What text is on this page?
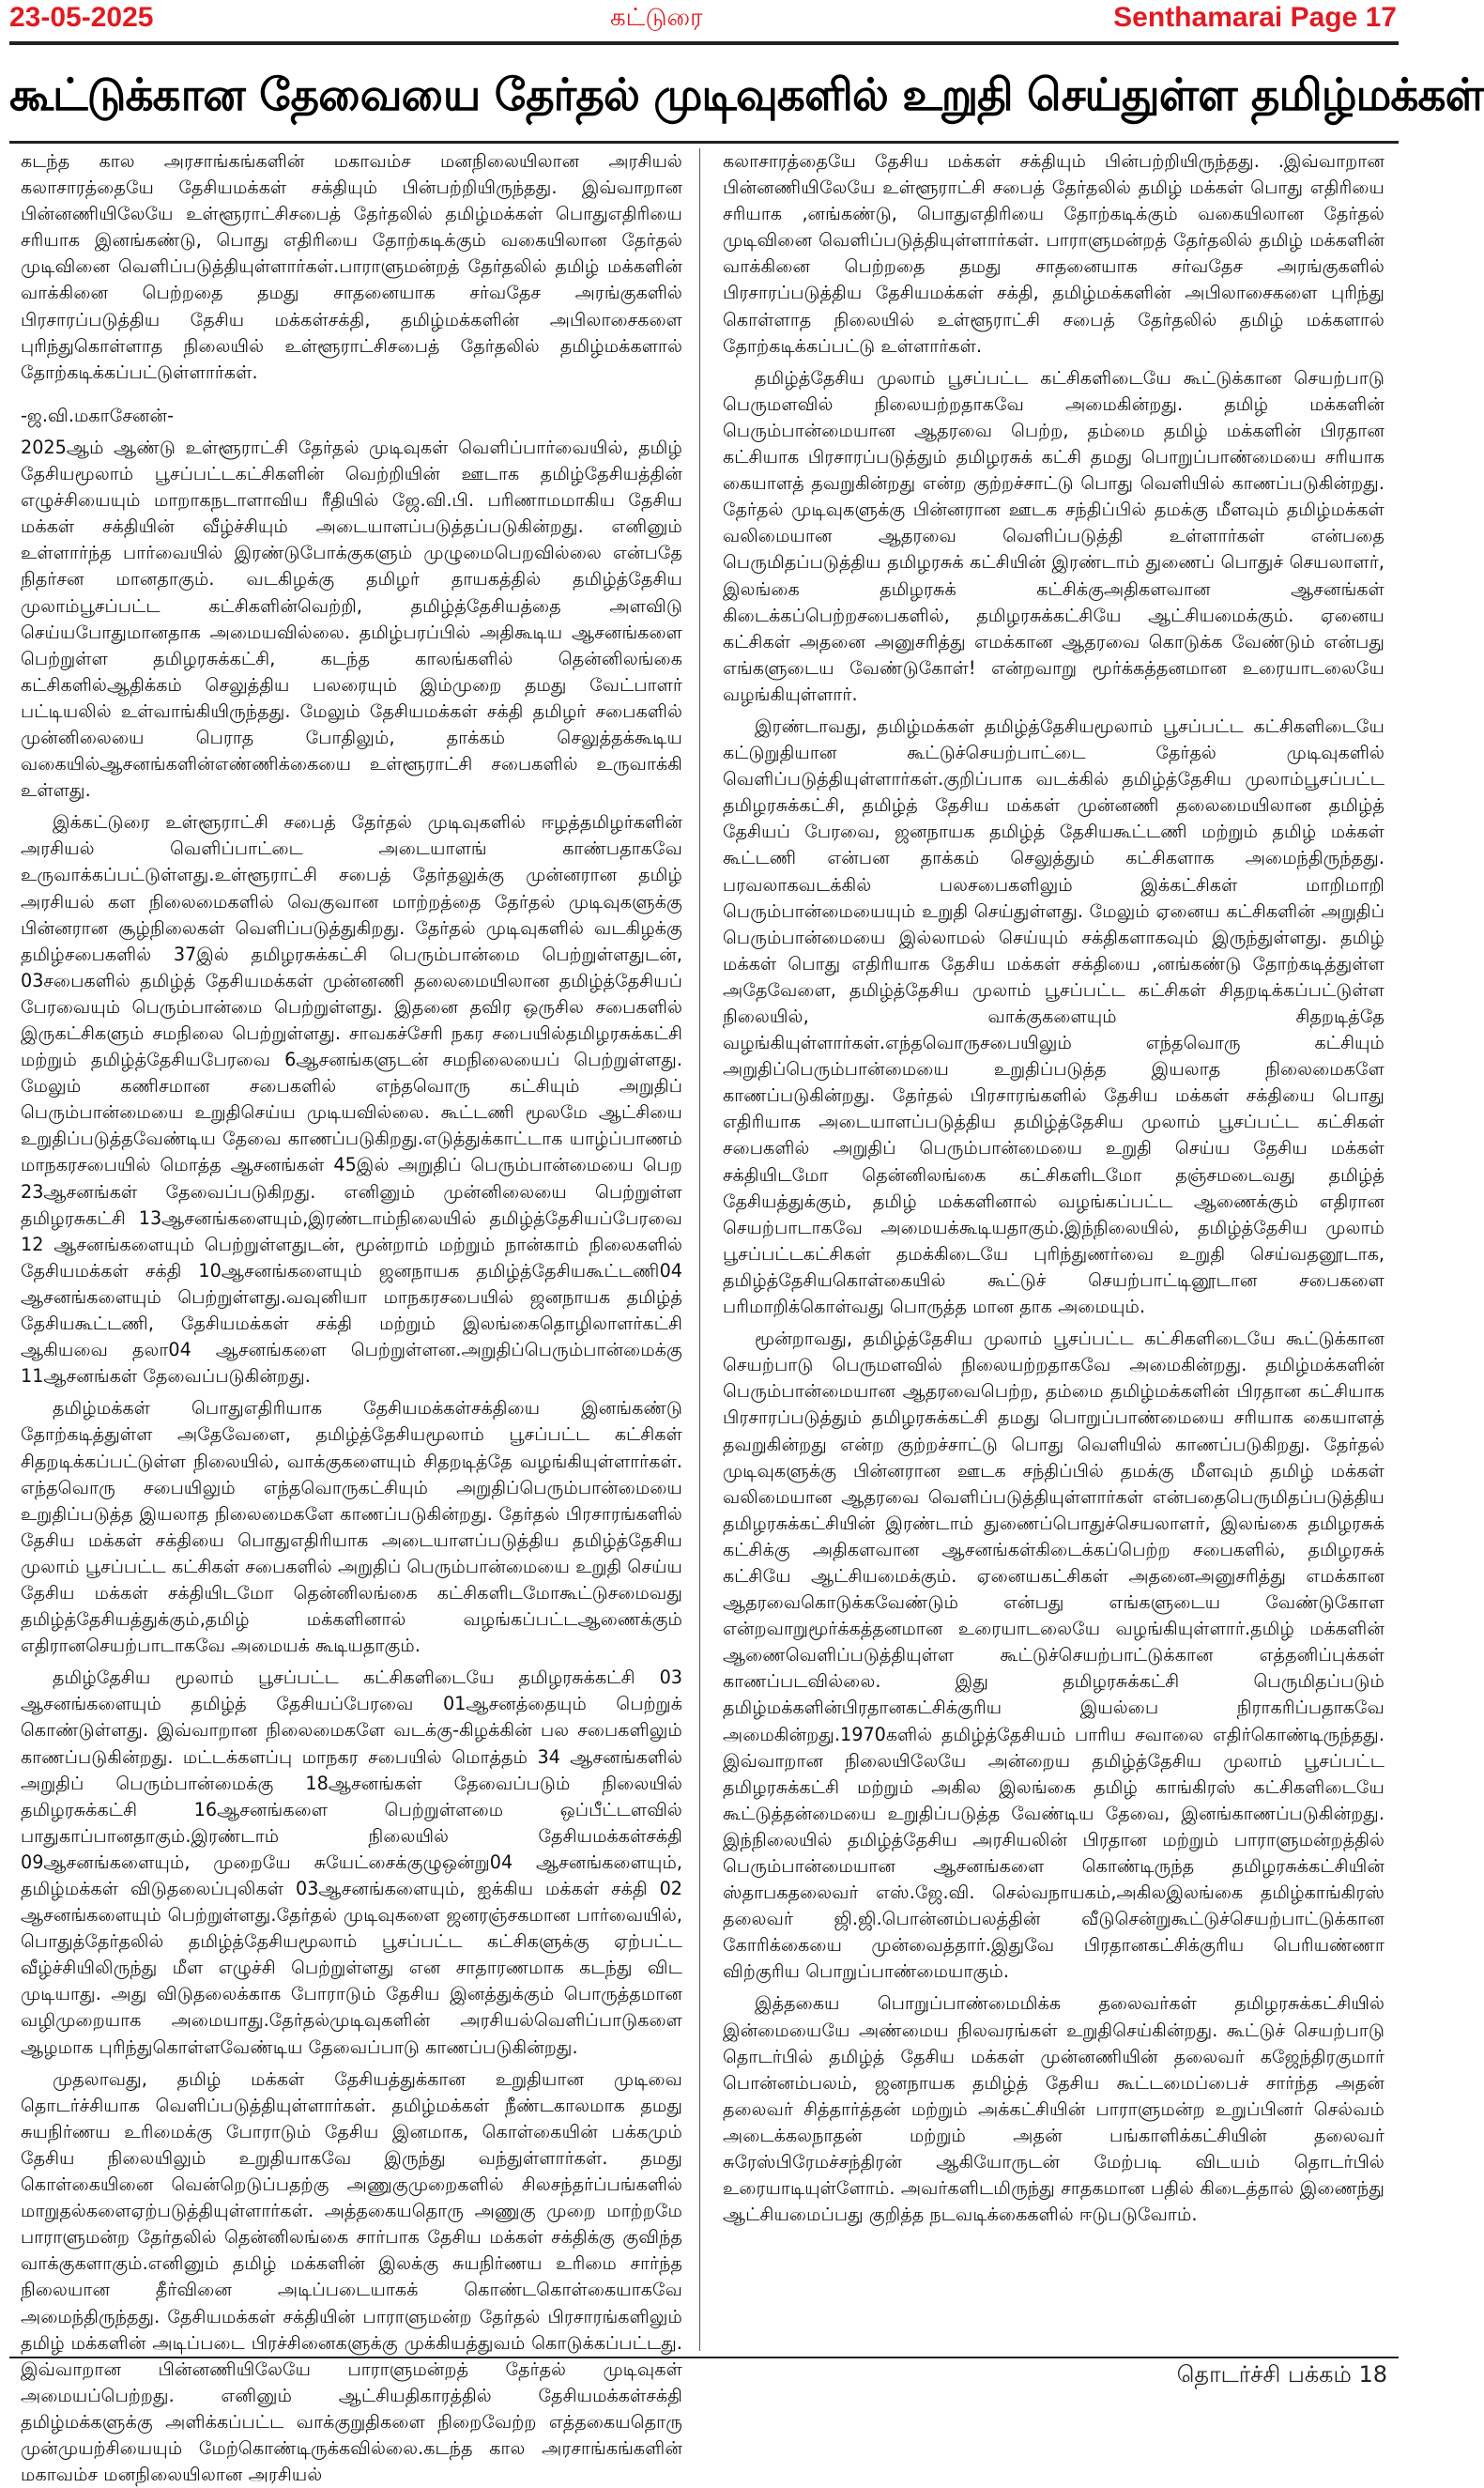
23-05-2025	கட்டுரை	Senthamarai Page 17
கூட்டுக்கான தேவையை தேர்தல் முடிவுகளில் உறுதி செய்துள்ள தமிழ்மக்கள்

கடந்த கால அரசாங்கங்களின் மகாவம்ச மனநிலையிலான அரசியல் கலாசாரத்தையே தேசியமக்கள் சக்தியும் பின்பற்றியிருந்தது. இவ்வாறான பின்னணியிலேயே உள்ளூராட்சிசபைத் தேர்தலில் தமிழ்மக்கள் பொதுஎதிரியை சரியாக இனங்கண்டு, பொது எதிரியை தோற்கடிக்கும் வகையிலான தேர்தல் முடிவினை வெளிப்படுத்தியுள்ளார்கள்.பாராளுமன்றத் தேர்தலில் தமிழ் மக்களின் வாக்கினை பெற்றதை தமது சாதனையாக சர்வதேச அரங்குகளில் பிரசாரப்படுத்திய தேசிய மக்கள்சக்தி, தமிழ்மக்களின் அபிலாசைகளை புரிந்துகொள்ளாத நிலையில் உள்ளூராட்சிசபைத் தேர்தலில் தமிழ்மக்களால் தோற்கடிக்கப்பட்டுள்ளார்கள்.

-ஜ.வி.மகாசேனன்-

2025ஆம் ஆண்டு உள்ளூராட்சி தேர்தல் முடிவுகள் வெளிப்பார்வையில், தமிழ் தேசியமூலாம் பூசப்பட்டகட்சிகளின் வெற்றியின் ஊடாக தமிழ்தேசியத்தின் எழுச்சியையும் மாறாகநடாளாவிய ரீதியில் ஜே.வி.பி. பரிணாமமாகிய தேசிய மக்கள் சக்தியின் வீழ்ச்சியும் அடையாளப்படுத்தப்படுகின்றது. எனினும் உள்ளார்ந்த பார்வையில் இரண்டுபோக்குகளும் முழுமைபெறவில்லை என்பதே நிதர்சன மானதாகும். வடகிழக்கு தமிழர் தாயகத்தில் தமிழ்த்தேசிய முலாம்பூசப்பட்ட கட்சிகளின்வெற்றி, தமிழ்த்தேசியத்தை அளவிடு செய்யபோதுமானதாக அமையவில்லை. தமிழ்பரப்பில் அதிகூடிய ஆசனங்களை பெற்றுள்ள தமிழரசுக்கட்சி, கடந்த காலங்களில் தென்னிலங்கை கட்சிகளில்ஆதிக்கம் செலுத்திய பலரையும் இம்முறை தமது வேட்பாளர் பட்டியலில் உள்வாங்கியிருந்தது. மேலும் தேசியமக்கள் சக்தி தமிழர் சபைகளில் முன்னிலையை பெராத போதிலும், தாக்கம் செலுத்தக்கூடிய வகையில்ஆசனங்களின்எண்ணிக்கையை உள்ளூராட்சி சபைகளில் உருவாக்கி உள்ளது.

இக்கட்டுரை உள்ளூராட்சி சபைத் தேர்தல் முடிவுகளில் ஈழத்தமிழர்களின் அரசியல் வெளிப்பாட்டை அடையாளங் காண்பதாகவே உருவாக்கப்பட்டுள்ளது.உள்ளூராட்சி சபைத் தேர்தலுக்கு முன்னரான தமிழ் அரசியல் கள நிலைமைகளில் வெகுவான மாற்றத்தை தேர்தல் முடிவுகளுக்கு பின்னரான சூழ்நிலைகள் வெளிப்படுத்துகிறது. தேர்தல் முடிவுகளில் வடகிழக்கு தமிழ்சபைகளில் 37இல் தமிழரசுக்கட்சி பெரும்பான்மை பெற்றுள்ளதுடன், 03சபைகளில் தமிழ்த் தேசியமக்கள் முன்னணி தலைமையிலான தமிழ்த்தேசியப் பேரவையும் பெரும்பான்மை பெற்றுள்ளது. இதனை தவிர ஒருசில சபைகளில் இருகட்சிகளும் சமநிலை பெற்றுள்ளது. சாவகச்சேரி நகர சபையில்தமிழரசுக்கட்சி மற்றும் தமிழ்த்தேசியபேரவை 6ஆசனங்களுடன் சமநிலையைப் பெற்றுள்ளது. மேலும் கணிசமான சபைகளில் எந்தவொரு கட்சியும் அறுதிப் பெரும்பான்மையை உறுதிசெய்ய முடியவில்லை. கூட்டணி மூலமே ஆட்சியை உறுதிப்படுத்தவேண்டிய தேவை காணப்படுகிறது.எடுத்துக்காட்டாக யாழ்ப்பாணம் மாநகரசபையில் மொத்த ஆசனங்கள் 45இல் அறுதிப் பெரும்பான்மையை பெற 23ஆசனங்கள் தேவைப்படுகிறது. எனினும் முன்னிலையை பெற்றுள்ள தமிழரசுகட்சி 13ஆசனங்களையும்,இரண்டாம்நிலையில் தமிழ்த்தேசியப்பேரவை 12 ஆசனங்களையும் பெற்றுள்ளதுடன், மூன்றாம் மற்றும் நான்காம் நிலைகளில் தேசியமக்கள் சக்தி 10ஆசனங்களையும் ஜனநாயக தமிழ்த்தேசியகூட்டணி04 ஆசனங்களையும் பெற்றுள்ளது.வவுனியா மாநகரசபையில் ஜனநாயக தமிழ்த் தேசியகூட்டணி, தேசியமக்கள் சக்தி மற்றும் இலங்கைதொழிலாளர்கட்சி ஆகியவை தலா04 ஆசனங்களை பெற்றுள்ளன.அறுதிப்பெரும்பான்மைக்கு 11ஆசனங்கள் தேவைப்படுகின்றது.

தமிழ்மக்கள் பொதுஎதிரியாக தேசியமக்கள்சக்தியை இனங்கண்டு தோற்கடித்துள்ள அதேவேளை, தமிழ்த்தேசியமூலாம் பூசப்பட்ட கட்சிகள் சிதறடிக்கப்பட்டுள்ள நிலையில், வாக்குகளையும் சிதறடித்தே வழங்கியுள்ளார்கள். எந்தவொரு சபையிலும் எந்தவொருகட்சியும் அறுதிப்பெரும்பான்மையை உறுதிப்படுத்த இயலாத நிலைமைகளே காணப்படுகின்றது. தேர்தல் பிரசாரங்களில் தேசிய மக்கள் சக்தியை பொதுஎதிரியாக அடையாளப்படுத்திய தமிழ்த்தேசிய முலாம் பூசப்பட்ட கட்சிகள் சபைகளில் அறுதிப் பெரும்பான்மையை உறுதி செய்ய தேசிய மக்கள் சக்தியிடமோ தென்னிலங்கை கட்சிகளிடமோகூட்டுசமைவது தமிழ்த்தேசியத்துக்கும்,தமிழ் மக்களினால் வழங்கப்பட்டஆணைக்கும் எதிரானசெயற்பாடாகவே அமையக் கூடியதாகும்.

தமிழ்தேசிய மூலாம் பூசப்பட்ட கட்சிகளிடையே தமிழரசுக்கட்சி 03 ஆசனங்களையும் தமிழ்த் தேசியப்பேரவை 01ஆசனத்தையும் பெற்றுக் கொண்டுள்ளது. இவ்வாறான நிலைமைகளே வடக்கு-கிழக்கின் பல சபைகளிலும் காணப்படுகின்றது. மட்டக்களப்பு மாநகர சபையில் மொத்தம் 34 ஆசனங்களில் அறுதிப் பெரும்பான்மைக்கு 18ஆசனங்கள் தேவைப்படும் நிலையில் தமிழரசுக்கட்சி 16ஆசனங்களை பெற்றுள்ளமை ஒப்பீட்டளவில் பாதுகாப்பானதாகும்.இரண்டாம் நிலையில் தேசியமக்கள்சக்தி 09ஆசனங்களையும், முறையே சுயேட்சைக்குழுஒன்று04 ஆசனங்களையும், தமிழ்மக்கள் விடுதலைப்புலிகள் 03ஆசனங்களையும், ஐக்கிய மக்கள் சக்தி 02 ஆசனங்களையும் பெற்றுள்ளது.தேர்தல் முடிவுகளை ஜனரஞ்சகமான பார்வையில், பொதுத்தேர்தலில் தமிழ்த்தேசியமூலாம் பூசப்பட்ட கட்சிகளுக்கு ஏற்பட்ட வீழ்ச்சியிலிருந்து மீள எழுச்சி பெற்றுள்ளது என சாதாரணமாக கடந்து விட முடியாது. அது விடுதலைக்காக போராடும் தேசிய இனத்துக்கும் பொருத்தமான வழிமுறையாக அமையாது.தேர்தல்முடிவுகளின் அரசியல்வெளிப்பாடுகளை ஆழமாக புரிந்துகொள்ளவேண்டிய தேவைப்பாடு காணப்படுகின்றது.

முதலாவது, தமிழ் மக்கள் தேசியத்துக்கான உறுதியான முடிவை தொடர்ச்சியாக வெளிப்படுத்தியுள்ளார்கள். தமிழ்மக்கள் நீண்டகாலமாக தமது சுயநிர்ணய உரிமைக்கு போராடும் தேசிய இனமாக, கொள்கையின் பக்கமும் தேசிய நிலையிலும் உறுதியாகவே இருந்து வந்துள்ளார்கள். தமது கொள்கையினை வென்றெடுப்பதற்கு அணுகுமுறைகளில் சிலசந்தர்ப்பங்களில் மாறுதல்களைஏற்படுத்தியுள்ளார்கள். அத்தகையதொரு அணுகு முறை மாற்றமே பாராளுமன்ற தேர்தலில் தென்னிலங்கை சார்பாக தேசிய மக்கள் சக்திக்கு குவிந்த வாக்குகளாகும்.எனினும் தமிழ் மக்களின் இலக்கு சுயநிர்ணய உரிமை சார்ந்த நிலையான தீர்வினை அடிப்படையாகக் கொண்டகொள்கையாகவே அமைந்திருந்தது. தேசியமக்கள் சக்தியின் பாராளுமன்ற தேர்தல் பிரசாரங்களிலும் தமிழ் மக்களின் அடிப்படை பிரச்சினைகளுக்கு முக்கியத்துவம் கொடுக்கப்பட்டது. இவ்வாறான பின்னணியிலேயே பாராளுமன்றத் தேர்தல் முடிவுகள் அமையப்பெற்றது. எனினும் ஆட்சியதிகாரத்தில் தேசியமக்கள்சக்தி தமிழ்மக்களுக்கு அளிக்கப்பட்ட வாக்குறுதிகளை நிறைவேற்ற எத்தகையதொரு முன்முயற்சியையும் மேற்கொண்டிருக்கவில்லை.கடந்த கால அரசாங்கங்களின் மகாவம்ச மனநிலையிலான அரசியல்

கலாசாரத்தையே தேசிய மக்கள் சக்தியும் பின்பற்றியிருந்தது. .இவ்வாறான பின்னணியிலேயே உள்ளூராட்சி சபைத் தேர்தலில் தமிழ் மக்கள் பொது எதிரியை சரியாக ,னங்கண்டு, பொதுஎதிரியை தோற்கடிக்கும் வகையிலான தேர்தல் முடிவினை வெளிப்படுத்தியுள்ளார்கள். பாராளுமன்றத் தேர்தலில் தமிழ் மக்களின் வாக்கினை பெற்றதை தமது சாதனையாக சர்வதேச அரங்குகளில் பிரசாரப்படுத்திய தேசியமக்கள் சக்தி, தமிழ்மக்களின் அபிலாசைகளை புரிந்து கொள்ளாத நிலையில் உள்ளூராட்சி சபைத் தேர்தலில் தமிழ் மக்களால் தோற்கடிக்கப்பட்டு உள்ளார்கள்.

தமிழ்த்தேசிய முலாம் பூசப்பட்ட கட்சிகளிடையே கூட்டுக்கான செயற்பாடு பெருமளவில் நிலையற்றதாகவே அமைகின்றது. தமிழ் மக்களின் பெரும்பான்மையான ஆதரவை பெற்ற, தம்மை தமிழ் மக்களின் பிரதான கட்சியாக பிரசாரப்படுத்தும் தமிழரசுக் கட்சி தமது பொறுப்பாண்மையை சரியாக கையாளத் தவறுகின்றது என்ற குற்றச்சாட்டு பொது வெளியில் காணப்படுகின்றது. தேர்தல் முடிவுகளுக்கு பின்னரான ஊடக சந்திப்பில் தமக்கு மீளவும் தமிழ்மக்கள் வலிமையான ஆதரவை வெளிப்படுத்தி உள்ளார்கள் என்பதை பெருமிதப்படுத்திய தமிழரசுக் கட்சியின் இரண்டாம் துணைப் பொதுச் செயலாளர், இலங்கை தமிழரசுக் கட்சிக்குஅதிகளவான ஆசனங்கள் கிடைக்கப்பெற்றசபைகளில், தமிழரசுக்கட்சியே ஆட்சியமைக்கும். ஏனைய கட்சிகள் அதனை அனுசரித்து எமக்கான ஆதரவை கொடுக்க வேண்டும் என்பது எங்களுடைய வேண்டுகோள்! என்றவாறு மூர்க்கத்தனமான உரையாடலையே வழங்கியுள்ளார்.

இரண்டாவது, தமிழ்மக்கள் தமிழ்த்தேசியமூலாம் பூசப்பட்ட கட்சிகளிடையே கட்டுறுதியான கூட்டுச்செயற்பாட்டை தேர்தல் முடிவுகளில் வெளிப்படுத்தியுள்ளார்கள்.குறிப்பாக வடக்கில் தமிழ்த்தேசிய முலாம்பூசப்பட்ட தமிழரசுக்கட்சி, தமிழ்த் தேசிய மக்கள் முன்னணி தலைமையிலான தமிழ்த் தேசியப் பேரவை, ஜனநாயக தமிழ்த் தேசியகூட்டணி மற்றும் தமிழ் மக்கள் கூட்டணி என்பன தாக்கம் செலுத்தும் கட்சிகளாக அமைந்திருந்தது. பரவலாகவடக்கில் பலசபைகளிலும் இக்கட்சிகள் மாறிமாறி பெரும்பான்மையையும் உறுதி செய்துள்ளது. மேலும் ஏனைய கட்சிகளின் அறுதிப் பெரும்பான்மையை இல்லாமல் செய்யும் சக்திகளாகவும் இருந்துள்ளது. தமிழ் மக்கள் பொது எதிரியாக தேசிய மக்கள் சக்தியை ,னங்கண்டு தோற்கடித்துள்ள அதேவேளை, தமிழ்த்தேசிய முலாம் பூசப்பட்ட கட்சிகள் சிதறடிக்கப்பட்டுள்ள நிலையில், வாக்குகளையும் சிதறடித்தே வழங்கியுள்ளார்கள்.எந்தவொருசபையிலும் எந்தவொரு கட்சியும் அறுதிப்பெரும்பான்மையை உறுதிப்படுத்த இயலாத நிலைமைகளே காணப்படுகின்றது. தேர்தல் பிரசாரங்களில் தேசிய மக்கள் சக்தியை பொது எதிரியாக அடையாளப்படுத்திய தமிழ்த்தேசிய முலாம் பூசப்பட்ட கட்சிகள் சபைகளில் அறுதிப் பெரும்பான்மையை உறுதி செய்ய தேசிய மக்கள் சக்தியிடமோ தென்னிலங்கை கட்சிகளிடமோ தஞ்சமடைவது தமிழ்த் தேசியத்துக்கும், தமிழ் மக்களினால் வழங்கப்பட்ட ஆணைக்கும் எதிரான செயற்பாடாகவே அமையக்கூடியதாகும்.இந்நிலையில், தமிழ்த்தேசிய முலாம் பூசப்பட்டகட்சிகள் தமக்கிடையே புரிந்துணர்வை உறுதி செய்வதனூடாக, தமிழ்த்தேசியகொள்கையில் கூட்டுச் செயற்பாட்டினூடான சபைகளை பரிமாறிக்கொள்வது பொருத்த மான தாக அமையும்.

மூன்றாவது, தமிழ்த்தேசிய முலாம் பூசப்பட்ட கட்சிகளிடையே கூட்டுக்கான செயற்பாடு பெருமளவில் நிலையற்றதாகவே அமைகின்றது. தமிழ்மக்களின் பெரும்பான்மையான ஆதரவைபெற்ற, தம்மை தமிழ்மக்களின் பிரதான கட்சியாக பிரசாரப்படுத்தும் தமிழரசுக்கட்சி தமது பொறுப்பாண்மையை சரியாக கையாளத் தவறுகின்றது என்ற குற்றச்சாட்டு பொது வெளியில் காணப்படுகிறது. தேர்தல் முடிவுகளுக்கு பின்னரான ஊடக சந்திப்பில் தமக்கு மீளவும் தமிழ் மக்கள் வலிமையான ஆதரவை வெளிப்படுத்தியுள்ளார்கள் என்பதைபெருமிதப்படுத்திய தமிழரசுக்கட்சியின் இரண்டாம் துணைப்பொதுச்செயலாளர், இலங்கை தமிழரசுக் கட்சிக்கு அதிகளவான ஆசனங்கள்கிடைக்கப்பெற்ற சபைகளில், தமிழரசுக் கட்சியே ஆட்சியமைக்கும். ஏனையகட்சிகள் அதனைஅனுசரித்து எமக்கான ஆதரவைகொடுக்கவேண்டும் என்பது எங்களுடைய வேண்டுகோள என்றவாறுமூர்க்கத்தனமான உரையாடலையே வழங்கியுள்ளார்.தமிழ் மக்களின் ஆணைவெளிப்படுத்தியுள்ள கூட்டுச்செயற்பாட்டுக்கான எத்தனிப்புக்கள் காணப்படவில்லை. இது தமிழரசுக்கட்சி பெருமிதப்படும் தமிழ்மக்களின்பிரதானகட்சிக்குரிய இயல்பை நிராகரிப்பதாகவே அமைகின்றது.1970களில் தமிழ்த்தேசியம் பாரிய சவாலை எதிர்கொண்டிருந்தது. இவ்வாறான நிலையிலேயே அன்றைய தமிழ்த்தேசிய முலாம் பூசப்பட்ட தமிழரசுக்கட்சி மற்றும் அகில இலங்கை தமிழ் காங்கிரஸ் கட்சிகளிடையே கூட்டுத்தன்மையை உறுதிப்படுத்த வேண்டிய தேவை, இனங்காணப்படுகின்றது. இந்நிலையில் தமிழ்த்தேசிய அரசியலின் பிரதான மற்றும் பாராளுமன்றத்தில் பெரும்பான்மையான ஆசனங்களை கொண்டிருந்த தமிழரசுக்கட்சியின் ஸ்தாபகதலைவர் எஸ்.ஜே.வி. செல்வநாயகம்,அகிலஇலங்கை தமிழ்காங்கிரஸ் தலைவர் ஜி.ஜி.பொன்னம்பலத்தின் வீடுசென்றுகூட்டுச்செயற்பாட்டுக்கான கோரிக்கையை முன்வைத்தார்.இதுவே பிரதானகட்சிக்குரிய பெரியண்ணா விற்குரிய பொறுப்பாண்மையாகும்.

இத்தகைய பொறுப்பாண்மைமிக்க தலைவர்கள் தமிழரசுக்கட்சியில் இன்மையையே அண்மைய நிலவரங்கள் உறுதிசெய்கின்றது. கூட்டுச் செயற்பாடு தொடர்பில் தமிழ்த் தேசிய மக்கள் முன்னணியின் தலைவர் கஜேந்திரகுமார் பொன்னம்பலம், ஜனநாயக தமிழ்த் தேசிய கூட்டமைப்பைச் சார்ந்த அதன் தலைவர் சித்தார்த்தன் மற்றும் அக்கட்சியின் பாராளுமன்ற உறுப்பினர் செல்வம் அடைக்கலநாதன் மற்றும் அதன் பங்காளிக்கட்சியின் தலைவர் சுரேஸ்பிரேமச்சந்திரன் ஆகியோருடன் மேற்படி விடயம் தொடர்பில் உரையாடியுள்ளோம். அவர்களிடமிருந்து சாதகமான பதில் கிடைத்தால் இணைந்து ஆட்சியமைப்பது குறித்த நடவடிக்கைகளில் ஈடுபடுவோம்.

தொடர்ச்சி பக்கம் 18
